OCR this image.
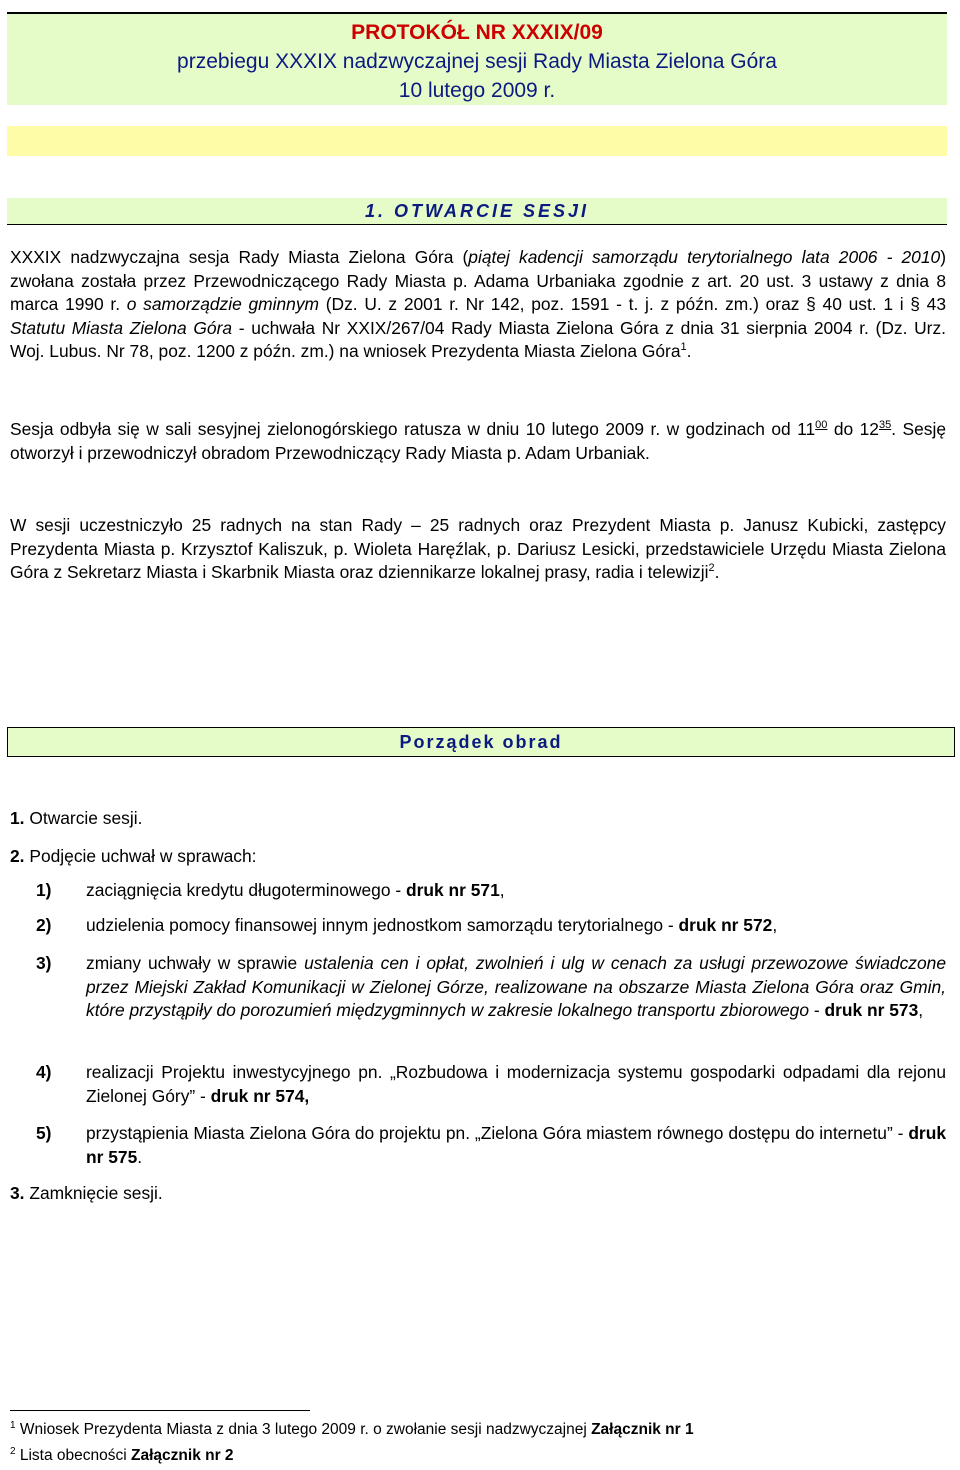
PROTOKÓŁ NR XXXIX/09
przebiegu XXXIX nadzwyczajnej sesji Rady Miasta Zielona Góra
10 lutego 2009 r.
1. OTWARCIE SESJI
XXXIX nadzwyczajna sesja Rady Miasta Zielona Góra (piątej kadencji samorządu terytorialnego lata 2006 - 2010) zwołana została przez Przewodniczącego Rady Miasta p. Adama Urbaniaka zgodnie z art. 20 ust. 3 ustawy z dnia 8 marca 1990 r. o samorządzie gminnym (Dz. U. z 2001 r. Nr 142, poz. 1591 - t. j. z późn. zm.) oraz § 40 ust. 1 i § 43 Statutu Miasta Zielona Góra - uchwała Nr XXIX/267/04 Rady Miasta Zielona Góra z dnia 31 sierpnia 2004 r. (Dz. Urz. Woj. Lubus. Nr 78, poz. 1200 z późn. zm.) na wniosek Prezydenta Miasta Zielona Góra$^1$.
Sesja odbyła się w sali sesyjnej zielonogórskiego ratusza w dniu 10 lutego 2009 r. w godzinach od $11^{00}$ do $12^{35}$. Sesję otworzył i przewodniczył obradom Przewodniczący Rady Miasta p. Adam Urbaniak.
W sesji uczestniczyło 25 radnych na stan Rady – 25 radnych oraz Prezydent Miasta p. Janusz Kubicki, zastępcy Prezydenta Miasta p. Krzysztof Kaliszuk, p. Wioleta Haręźlak, p. Dariusz Lesicki, przedstawiciele Urzędu Miasta Zielona Góra z Sekretarz Miasta i Skarbnik Miasta oraz dziennikarze lokalnej prasy, radia i telewizji$^2$.
Porządek obrad
1. Otwarcie sesji.
2. Podjęcie uchwał w sprawach:
1) zaciągnięcia kredytu długoterminowego - druk nr 571,
2) udzielenia pomocy finansowej innym jednostkom samorządu terytorialnego - druk nr 572,
3) zmiany uchwały w sprawie ustalenia cen i opłat, zwolnień i ulg w cenach za usługi przewozowe świadczone przez Miejski Zakład Komunikacji w Zielonej Górze, realizowane na obszarze Miasta Zielona Góra oraz Gmin, które przystąpiły do porozumień międzygminnych w zakresie lokalnego transportu zbiorowego - druk nr 573,
4) realizacji Projektu inwestycyjnego pn. „Rozbudowa i modernizacja systemu gospodarki odpadami dla rejonu Zielonej Góry” - druk nr 574,
5) przystąpienia Miasta Zielona Góra do projektu pn. „Zielona Góra miastem równego dostępu do internetu” - druk nr 575.
3. Zamknięcie sesji.
$^1$ Wniosek Prezydenta Miasta z dnia 3 lutego 2009 r. o zwołanie sesji nadzwyczajnej Załącznik nr 1
$^2$ Lista obecności Załącznik nr 2
